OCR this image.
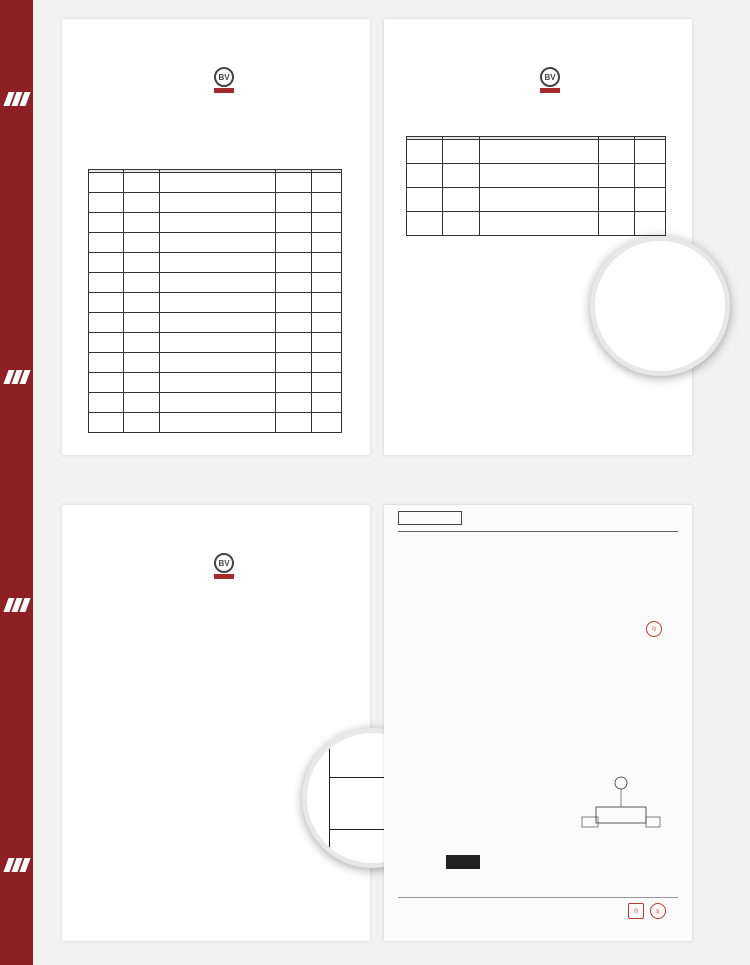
BV

					BV

BV

印
印	証
